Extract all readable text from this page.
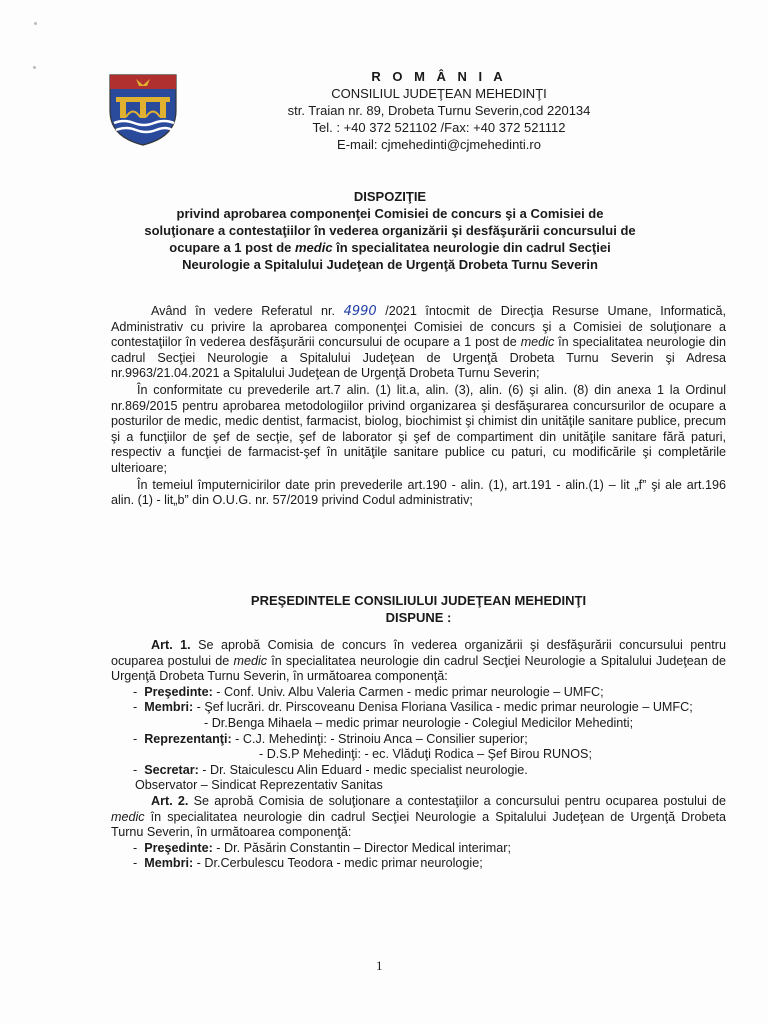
R O M Â N I A
CONSILIUL JUDEŢEAN MEHEDINŢI
str. Traian nr. 89, Drobeta Turnu Severin,cod 220134
Tel. : +40 372 521102 /Fax: +40 372 521112
E-mail: cjmehedinti@cjmehedinti.ro
DISPOZIŢIE
privind aprobarea componenţei Comisiei de concurs şi a Comisiei de
soluţionare a contestaţiilor în vederea organizării şi desfăşurării concursului de
ocupare a 1 post de medic în specialitatea neurologie din cadrul Secţiei
Neurologie a Spitalului Judeţean de Urgenţă Drobeta Turnu Severin

Având în vedere Referatul nr. 4990 /2021 întocmit de Direcţia Resurse Umane, Informatică, Administrativ cu privire la aprobarea componenţei Comisiei de concurs şi a Comisiei de soluţionare a contestaţiilor în vederea desfăşurării concursului de ocupare a 1 post de medic în specialitatea neurologie din cadrul Secţiei Neurologie a Spitalului Judeţean de Urgenţă Drobeta Turnu Severin şi Adresa nr.9963/21.04.2021 a Spitalului Judeţean de Urgenţă Drobeta Turnu Severin;

În conformitate cu prevederile art.7 alin. (1) lit.a, alin. (3), alin. (6) şi alin. (8) din anexa 1 la Ordinul nr.869/2015 pentru aprobarea metodologiilor privind organizarea şi desfăşurarea concursurilor de ocupare a posturilor de medic, medic dentist, farmacist, biolog, biochimist şi chimist din unităţile sanitare publice, precum şi a funcţiilor de şef de secţie, şef de laborator şi şef de compartiment din unităţile sanitare fără paturi, respectiv a funcţiei de farmacist-şef în unităţile sanitare publice cu paturi, cu modificările şi completările ulterioare;

În temeiul împuternicirilor date prin prevederile art.190 - alin. (1), art.191 - alin.(1) – lit „f” şi ale art.196 alin. (1) - lit„b” din O.U.G. nr. 57/2019 privind Codul administrativ;

PREŞEDINTELE CONSILIULUI JUDEŢEAN MEHEDINŢI

DISPUNE :

Art. 1. Se aprobă Comisia de concurs în vederea organizării şi desfăşurării concursului pentru ocuparea postului de medic în specialitatea neurologie din cadrul Secţiei Neurologie a Spitalului Judeţean de Urgenţă Drobeta Turnu Severin, în următoarea componenţă:

- Preşedinte: - Conf. Univ. Albu Valeria Carmen - medic primar neurologie – UMFC;

- Membri: - Şef lucrări. dr. Pirscoveanu Denisa Floriana Vasilica - medic primar neurologie – UMFC;

- Dr.Benga Mihaela – medic primar neurologie - Colegiul Medicilor Mehedinti;

- Reprezentanţi: - C.J. Mehedinţi: - Strinoiu Anca – Consilier superior;

- D.S.P Mehedinţi: - ec. Vlăduţi Rodica – Şef Birou RUNOS;

- Secretar: - Dr. Staiculescu Alin Eduard - medic specialist neurologie.

Observator – Sindicat Reprezentativ Sanitas

Art. 2. Se aprobă Comisia de soluţionare a contestaţiilor a concursului pentru ocuparea postului de medic în specialitatea neurologie din cadrul Secţiei Neurologie a Spitalului Judeţean de Urgenţă Drobeta Turnu Severin, în următoarea componenţă:

- Preşedinte: - Dr. Păsărin Constantin – Director Medical interimar;

- Membri: - Dr.Cerbulescu Teodora - medic primar neurologie;

1
